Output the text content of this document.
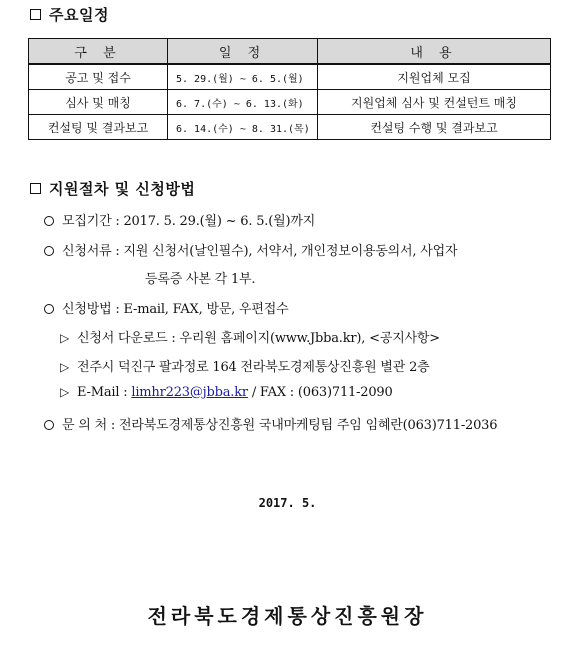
주요일정
구 분	일 정	내 용
공고 및 접수	5. 29.(월) ~ 6. 5.(월)	지원업체 모집
심사 및 매칭	6. 7.(수) ~ 6. 13.(화)	지원업체 심사 및 컨설턴트 매칭
컨설팅 및 결과보고	6. 14.(수) ~ 8. 31.(목)	컨설팅 수행 및 결과보고
지원절차 및 신청방법
모집기간 : 2017. 5. 29.(월) ~ 6. 5.(월)까지
신청서류 : 지원 신청서(날인필수), 서약서, 개인정보이용동의서, 사업자
등록증 사본 각 1부.
신청방법 : E-mail, FAX, 방문, 우편접수
▷ 신청서 다운로드 : 우리원 홈페이지(www.Jbba.kr), <공지사항>
▷ 전주시 덕진구 팔과정로 164 전라북도경제통상진흥원 별관 2층
▷ E-Mail : limhr223@jbba.kr / FAX : (063)711-2090
문 의 처 : 전라북도경제통상진흥원 국내마케팅팀 주임 임혜란(063)711-2036
2017. 5.
전라북도경제통상진흥원장
